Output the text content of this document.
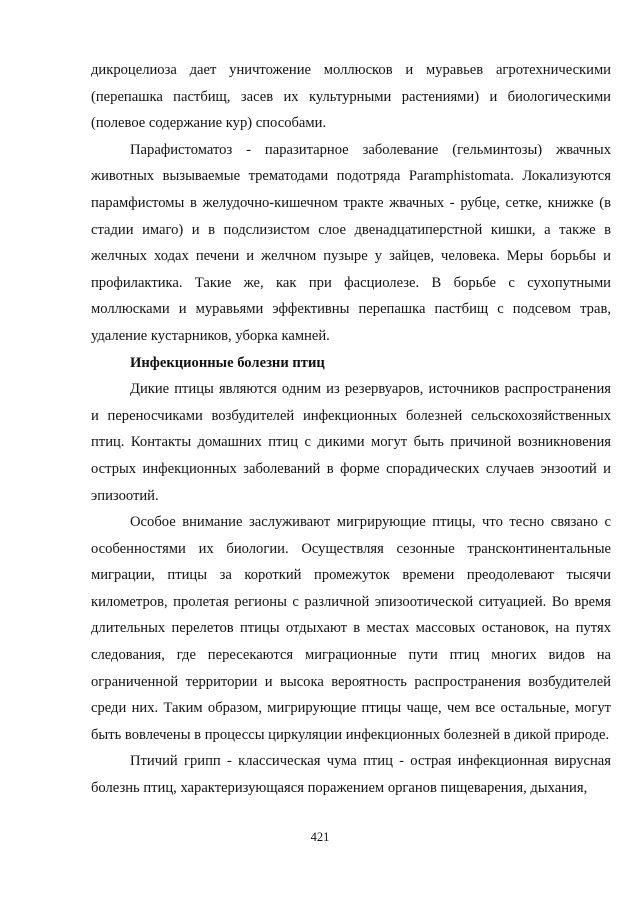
дикроцелиоза дает уничтожение моллюсков и муравьев агротехническими (перепашка пастбищ, засев их культурными растениями) и биологическими (полевое содержание кур) способами.

Парафистоматоз - паразитарное заболевание (гельминтозы) жвачных животных вызываемые трематодами подотряда Paramphistomata. Локализуются парамфистомы в желудочно-кишечном тракте жвачных - рубце, сетке, книжке (в стадии имаго) и в подслизистом слое двенадцатиперстной кишки, а также в желчных ходах печени и желчном пузыре у зайцев, человека. Меры борьбы и профилактика. Такие же, как при фасциолезе. В борьбе с сухопутными моллюсками и муравьями эффективны перепашка пастбищ с подсевом трав, удаление кустарников, уборка камней.

Инфекционные болезни птиц

Дикие птицы являются одним из резервуаров, источников распространения и переносчиками возбудителей инфекционных болезней сельскохозяйственных птиц. Контакты домашних птиц с дикими могут быть причиной возникновения острых инфекционных заболеваний в форме спорадических случаев энзоотий и эпизоотий.

Особое внимание заслуживают мигрирующие птицы, что тесно связано с особенностями их биологии. Осуществляя сезонные трансконтинентальные миграции, птицы за короткий промежуток времени преодолевают тысячи километров, пролетая регионы с различной эпизоотической ситуацией. Во время длительных перелетов птицы отдыхают в местах массовых остановок, на путях следования, где пересекаются миграционные пути птиц многих видов на ограниченной территории и высока вероятность распространения возбудителей среди них. Таким образом, мигрирующие птицы чаще, чем все остальные, могут быть вовлечены в процессы циркуляции инфекционных болезней в дикой природе.

Птичий грипп - классическая чума птиц - острая инфекционная вирусная болезнь птиц, характеризующаяся поражением органов пищеварения, дыхания,

421
